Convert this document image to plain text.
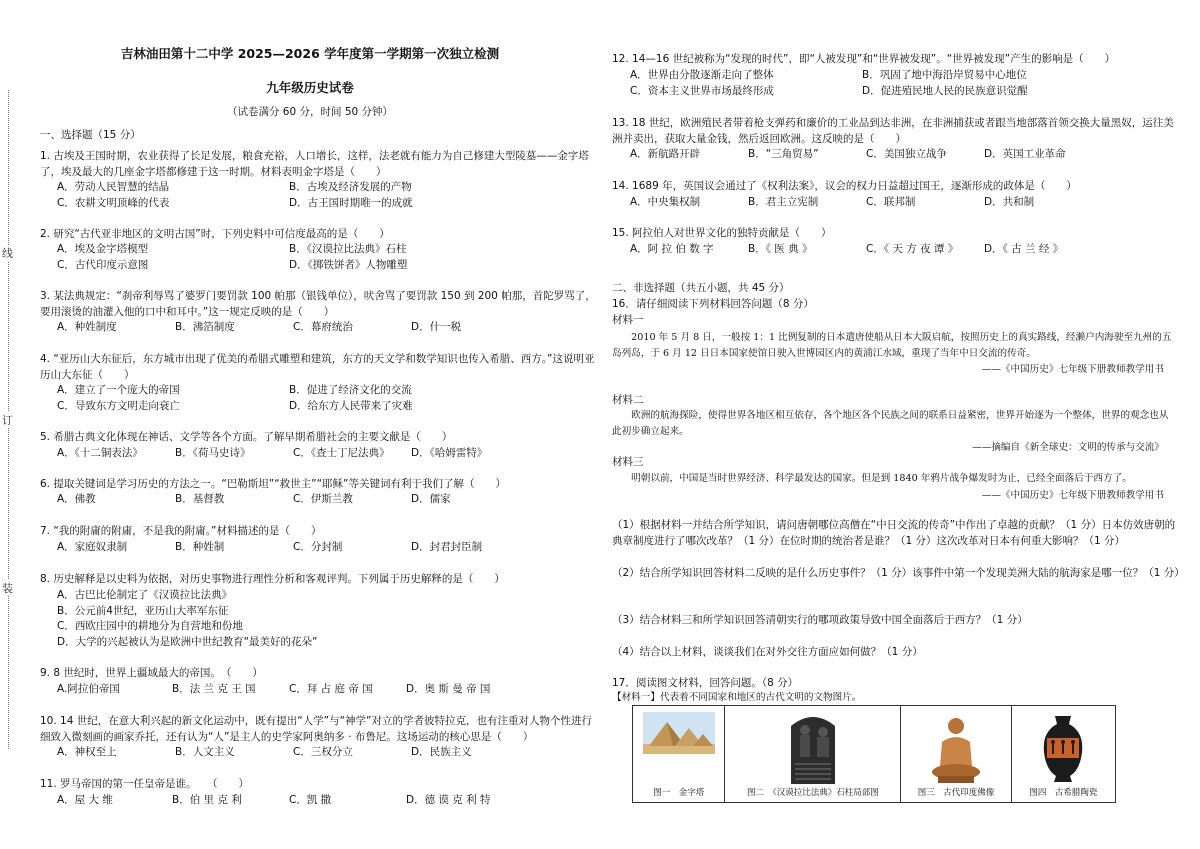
线
订
装
吉林油田第十二中学 2025—2026 学年度第一学期第一次独立检测
九年级历史试卷
（试卷满分 60 分，时间 50 分钟）
一、选择题（15 分）
1. 古埃及王国时期，农业获得了长足发展，粮食充裕，人口增长，这样，法老就有能力为自己修建大型陵墓——金字塔了，埃及最大的几座金字塔都修建于这一时期。材料表明金字塔是（　　）
A．劳动人民智慧的结晶	B．古埃及经济发展的产物
C．农耕文明顶峰的代表	D．古王国时期唯一的成就
2. 研究“古代亚非地区的文明古国”时，下列史料中可信度最高的是（　　）
A．埃及金字塔模型	B．《汉谟拉比法典》石柱
C．古代印度示意图	D．《掷铁饼者》人物雕塑
3. 某法典规定：“刹帝利辱骂了婆罗门要罚款 100 帕那（银钱单位），吠舍骂了要罚款 150 到 200 帕那，首陀罗骂了，要用滚烫的油灌入他的口中和耳中。”这一规定反映的是（　　）
A．种姓制度	B．沸箔制度	C．幕府统治	D．什一税
4. “亚历山大东征后，东方城市出现了优美的希腊式雕塑和建筑，东方的天文学和数学知识也传入希腊、西方。”这说明亚历山大东征（　　）
A．建立了一个庞大的帝国	B．促进了经济文化的交流
C．导致东方文明走向衰亡	D．给东方人民带来了灾难
5. 希腊古典文化体现在神话、文学等各个方面。了解早期希腊社会的主要文献是（　　）
A．《十二铜表法》	B．《荷马史诗》	C．《查士丁尼法典》	D．《哈姆雷特》
6. 提取关键词是学习历史的方法之一。“巴勒斯坦”“救世主”“耶稣”等关键词有利于我们了解（　　）
A．佛教	B．基督教	C．伊斯兰教	D．儒家
7. “我的附庸的附庸，不是我的附庸。”材料描述的是（　　）
A．家庭奴隶制	B．种姓制	C．分封制	D．封君封臣制
8. 历史解释是以史料为依据，对历史事物进行理性分析和客观评判。下列属于历史解释的是（　　）
A．古巴比伦制定了《汉谟拉比法典》
B．公元前4世纪，亚历山大率军东征
C．西欧庄园中的耕地分为自营地和份地
D．大学的兴起被认为是欧洲中世纪教育“最美好的花朵”
9. 8 世纪时，世界上疆域最大的帝国。　（　　）
A.阿拉伯帝国	B．法 兰 克 王 国	C．拜 占 庭 帝 国	D．奥 斯 曼 帝 国
10. 14 世纪，在意大利兴起的新文化运动中，既有提出“人学”与“神学”对立的学者彼特拉克，也有注重对人物个性进行细致入微刻画的画家乔托，还有认为“人”是主人的史学家阿奥纳多 · 布鲁尼。这场运动的核心思是（　　）
A．神权至上	B．人文主义	C．三权分立	D．民族主义
11. 罗马帝国的第一任皇帝是谁。　　（　　）
A．屋 大 维	B．伯 里 克 利	C．凯 撒	D．德 谟 克 利 特
12. 14—16 世纪被称为“发现的时代”，即“人被发现”和“世界被发现”。“世界被发现”产生的影响是（　　）
A．世界由分散逐渐走向了整体	B．巩固了地中海沿岸贸易中心地位
C．资本主义世界市场最终形成	D．促进殖民地人民的民族意识觉醒
13. 18 世纪，欧洲殖民者带着枪支弹药和廉价的工业品到达非洲，在非洲捕获或者跟当地部落首领交换大量黑奴，运往美洲并卖出，获取大量金钱，然后返回欧洲。这反映的是（　　）
A．新航路开辟	B．“三角贸易”	C．美国独立战争	D．英国工业革命
14. 1689 年，英国议会通过了《权利法案》，议会的权力日益超过国王，逐渐形成的政体是（　　）
A．中央集权制	B．君主立宪制	C．联邦制	D．共和制
15. 阿拉伯人对世界文化的独特贡献是（　　）
A．阿 拉 伯 数 字	B．《 医 典 》	C．《 天 方 夜 谭 》	D．《 古 兰 经 》
二、非选择题（共五小题，共 45 分）
16．请仔细阅读下列材料回答问题（8 分）
材料一
　　2010 年 5 月 8 日，一般按 1：1 比例复制的日本遣唐使船从日本大阪启航，按照历史上的真实路线，经濑户内海驶至九州的五岛列岛，于 6 月 12 日日本国家使馆日驶入世博园区内的黄浦江水域，重现了当年中日交流的传奇。
——《中国历史》七年级下册教师教学用书
材料二
　　欧洲的航海探险，使得世界各地区相互依存，各个地区各个民族之间的联系日益紧密，世界开始逐为一个整体，世界的观念也从此初步确立起来。
——摘编自《新全球史：文明的传承与交流》
材料三
　　明朝以前，中国是当时世界经济、科学最发达的国家。但是到 1840 年鸦片战争爆发时为止，已经全面落后于西方了。
——《中国历史》七年级下册教师教学用书
（1）根据材料一并结合所学知识，请问唐朝哪位高僧在“中日交流的传奇”中作出了卓越的贡献？（1 分）日本仿效唐朝的典章制度进行了哪次改革？（1 分）在位时期的统治者是谁？（1 分）这次改革对日本有何重大影响？（1 分）
（2）结合所学知识回答材料二反映的是什么历史事件？（1 分）该事件中第一个发现美洲大陆的航海家是哪一位？（1 分）
（3）结合材料三和所学知识回答清朝实行的哪项政策导致中国全面落后于西方？（1 分）
（4）结合以上材料，谈谈我们在对外交往方面应如何做？（1 分）
17．阅读图文材料，回答问题。（8 分）
【材料一】代表着不同国家和地区的古代文明的文物图片。
图一　金字塔	图二　《汉谟拉比法典》石柱局部图	图三　古代印度佛像	图四　古希腊陶瓷
